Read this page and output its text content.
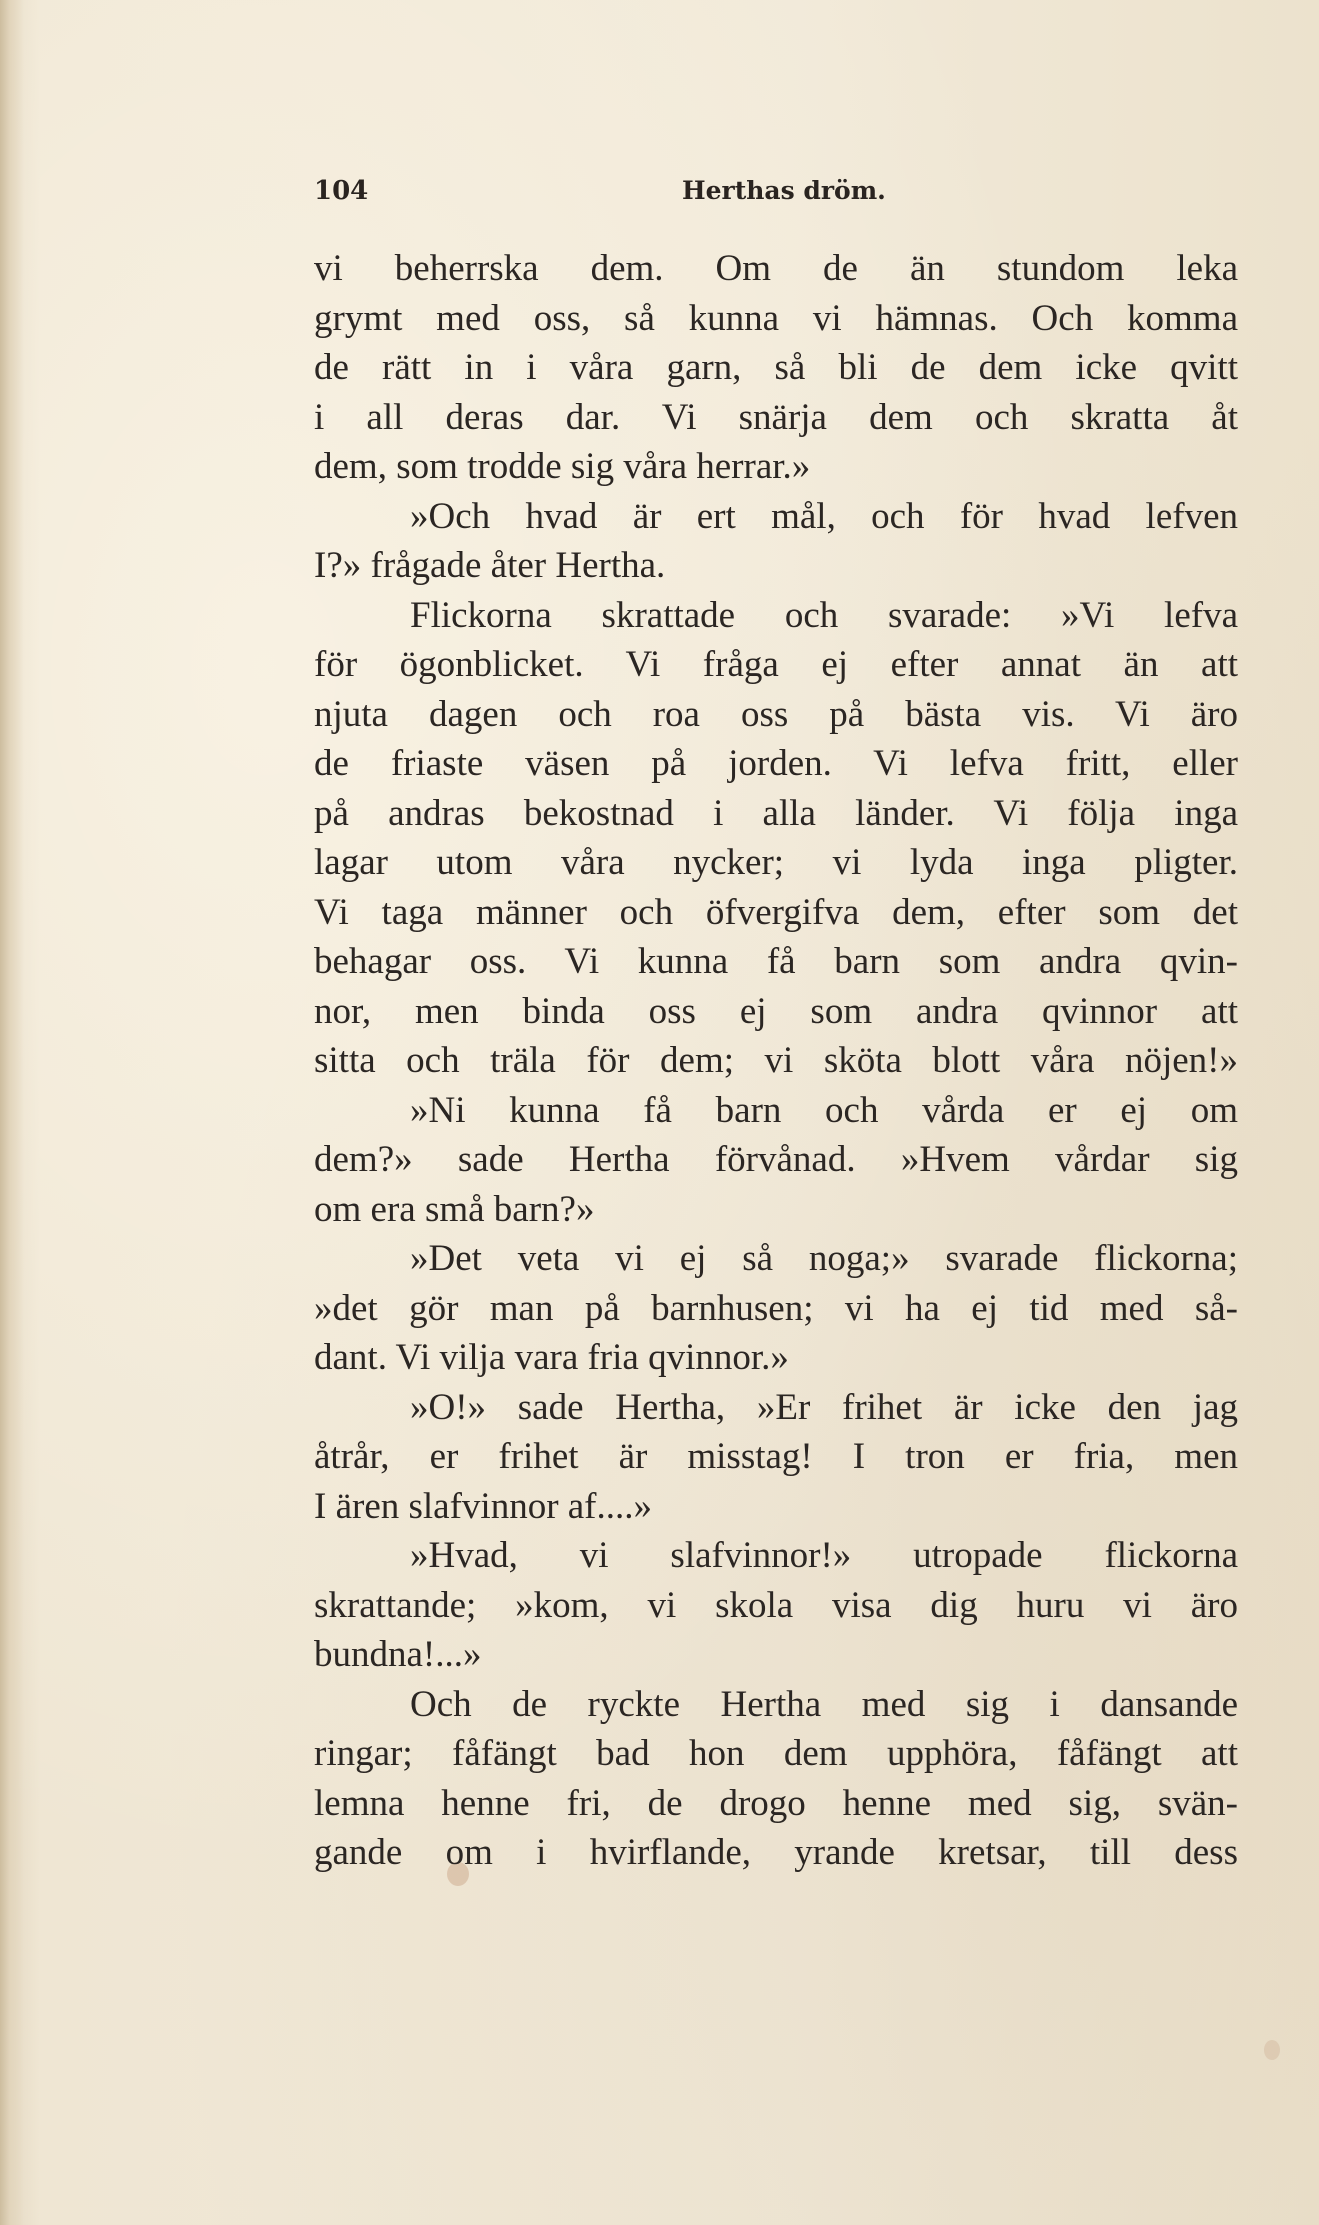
104	Herthas dröm.
vi beherrska dem. Om de än stundom leka
grymt med oss, så kunna vi hämnas. Och komma
de rätt in i våra garn, så bli de dem icke qvitt
i all deras dar. Vi snärja dem och skratta åt
dem, som trodde sig våra herrar.»
»Och hvad är ert mål, och för hvad lefven
I?» frågade åter Hertha.
Flickorna skrattade och svarade: »Vi lefva
för ögonblicket. Vi fråga ej efter annat än att
njuta dagen och roa oss på bästa vis. Vi äro
de friaste väsen på jorden. Vi lefva fritt, eller
på andras bekostnad i alla länder. Vi följa inga
lagar utom våra nycker; vi lyda inga pligter.
Vi taga männer och öfvergifva dem, efter som det
behagar oss. Vi kunna få barn som andra qvin-
nor, men binda oss ej som andra qvinnor att
sitta och träla för dem; vi sköta blott våra nöjen!»
»Ni kunna få barn och vårda er ej om
dem?» sade Hertha förvånad. »Hvem vårdar sig
om era små barn?»
»Det veta vi ej så noga;» svarade flickorna;
»det gör man på barnhusen; vi ha ej tid med så-
dant. Vi vilja vara fria qvinnor.»
»O!» sade Hertha, »Er frihet är icke den jag
åtrår, er frihet är misstag! I tron er fria, men
I ären slafvinnor af....»
»Hvad, vi slafvinnor!» utropade flickorna
skrattande; »kom, vi skola visa dig huru vi äro
bundna!...»
Och de ryckte Hertha med sig i dansande
ringar; fåfängt bad hon dem upphöra, fåfängt att
lemna henne fri, de drogo henne med sig, svän-
gande om i hvirflande, yrande kretsar, till dess
